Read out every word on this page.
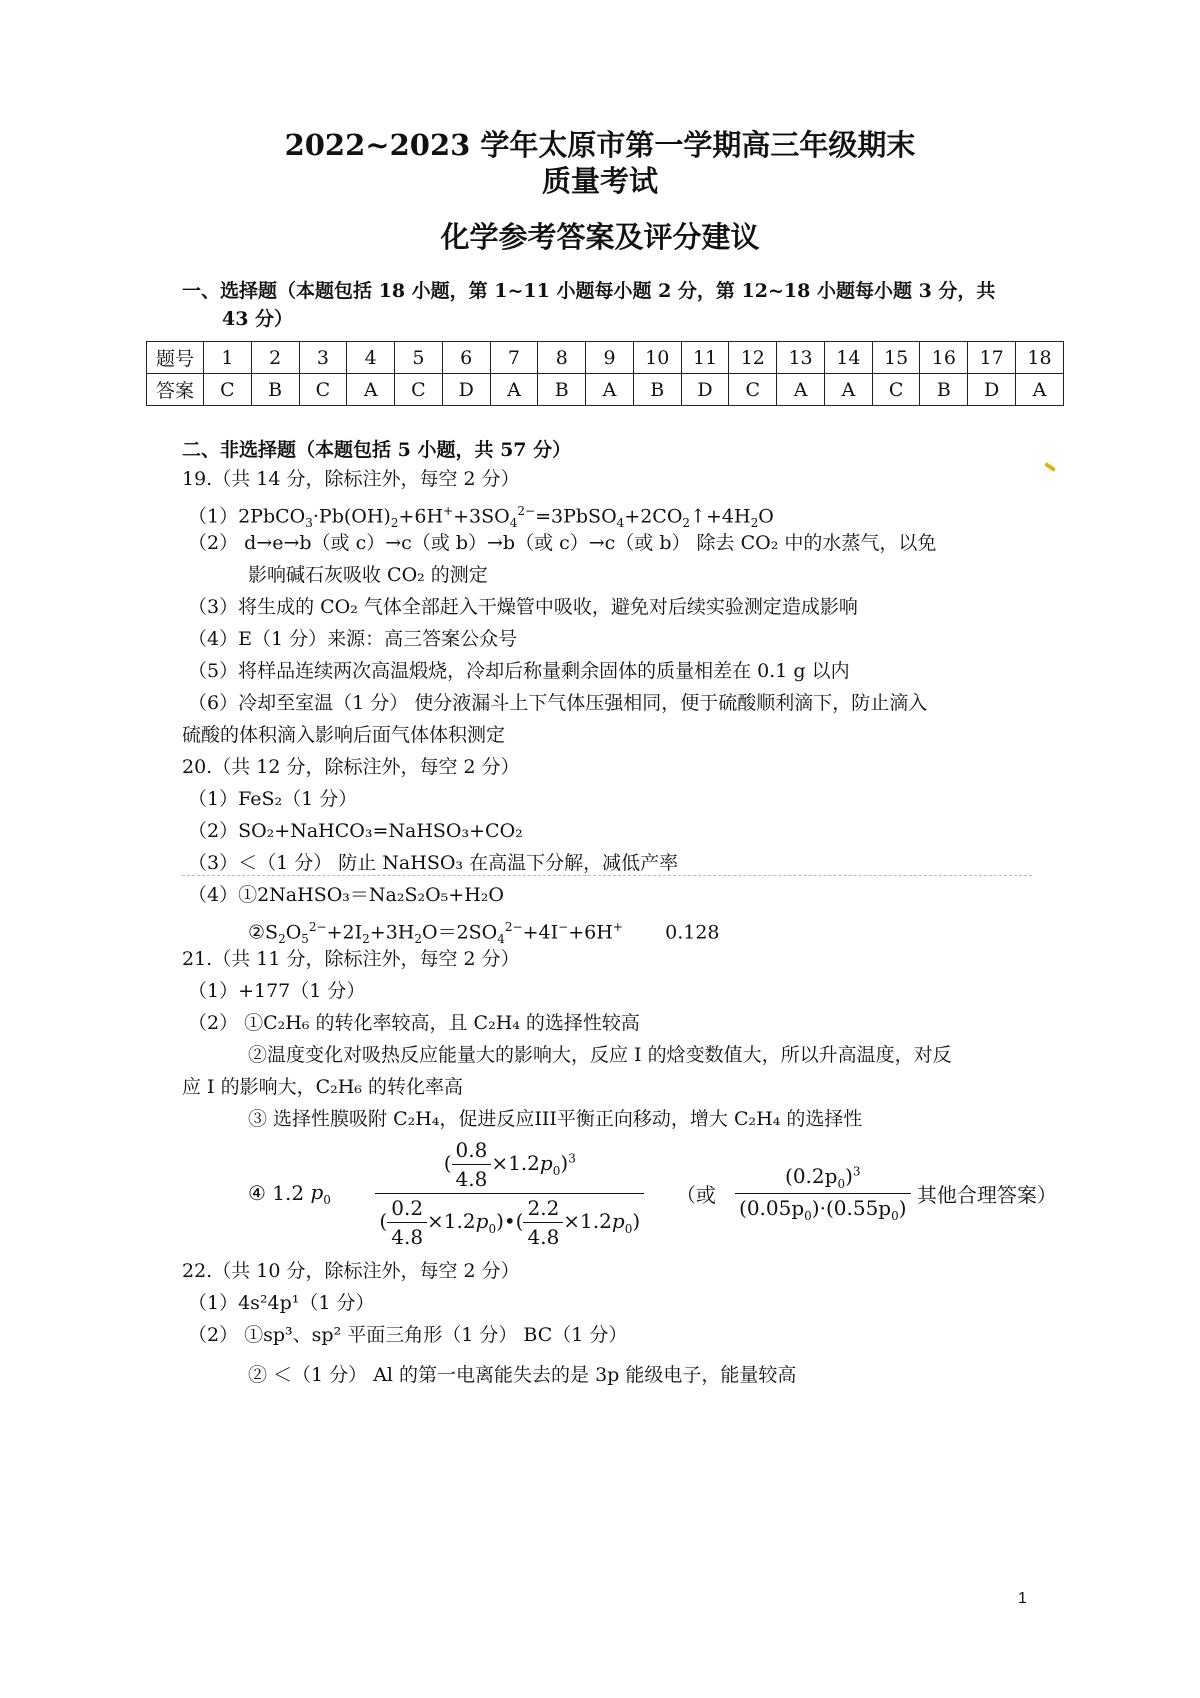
2022~2023 学年太原市第一学期高三年级期末
质量考试
化学参考答案及评分建议
一、选择题（本题包括 18 小题，第 1~11 小题每小题 2 分，第 12~18 小题每小题 3 分，共
43 分）
题号	1	2	3	4	5	6	7	8	9	10	11	12	13	14	15	16	17	18
答案	C	B	C	A	C	D	A	B	A	B	D	C	A	A	C	B	D	A
二、非选择题（本题包括 5 小题，共 57 分）
19.（共 14 分，除标注外，每空 2 分）
$(1)2PbCO_3\cdot Pb(OH)_2+6H^++3SO_4^{2-}=3PbSO_4+2CO_2↑+4H_2O$
（2） d→e→b（或 c）→c（或 b）→b（或 c）→c（或 b） 除去 CO₂ 中的水蒸气，以免
影响碱石灰吸收 CO₂ 的测定
（3）将生成的 CO₂ 气体全部赶入干燥管中吸收，避免对后续实验测定造成影响
（4）E（1 分）来源：高三答案公众号
（5）将样品连续两次高温煅烧，冷却后称量剩余固体的质量相差在 0.1 g 以内
（6）冷却至室温（1 分） 使分液漏斗上下气体压强相同，便于硫酸顺利滴下，防止滴入
硫酸的体积滴入影响后面气体体积测定
20.（共 12 分，除标注外，每空 2 分）
（1）FeS₂（1 分）
（2）SO₂+NaHCO₃=NaHSO₃+CO₂
（3）＜（1 分） 防止 NaHSO₃ 在高温下分解，减低产率
（4）①2NaHSO₃＝Na₂S₂O₅+H₂O
$②S_2O_5^{2-}+2I_2+3H_2O=2SO_4^{2-}+4I^-+6H^+$ 0.128
21.（共 11 分，除标注外，每空 2 分）
（1）+177（1 分）
（2） ①C₂H₆ 的转化率较高，且 C₂H₄ 的选择性较高
②温度变化对吸热反应能量大的影响大，反应 I 的焓变数值大，所以升高温度，对反
应 I 的影响大，C₂H₆ 的转化率高
③ 选择性膜吸附 C₂H₄，促进反应III平衡正向移动，增大 C₂H₄ 的选择性
④ 1.2 $p_0$	$\frac{( \frac{0.8}{4.8} \times 1.2p_0)^3}{( \frac{0.2}{4.8} \times 1.2p_0)•( \frac{2.2}{4.8} \times 1.2p_0)}$
（或
$\frac{(0.2p_0)^3}{(0.05p_0)\cdot(0.55p_0)}$
其他合理答案）
22.（共 10 分，除标注外，每空 2 分）
（1）4s²4p¹（1 分）
（2） ①sp³、sp² 平面三角形（1 分） BC（1 分）
② ＜（1 分） Al 的第一电离能失去的是 3p 能级电子，能量较高
1
